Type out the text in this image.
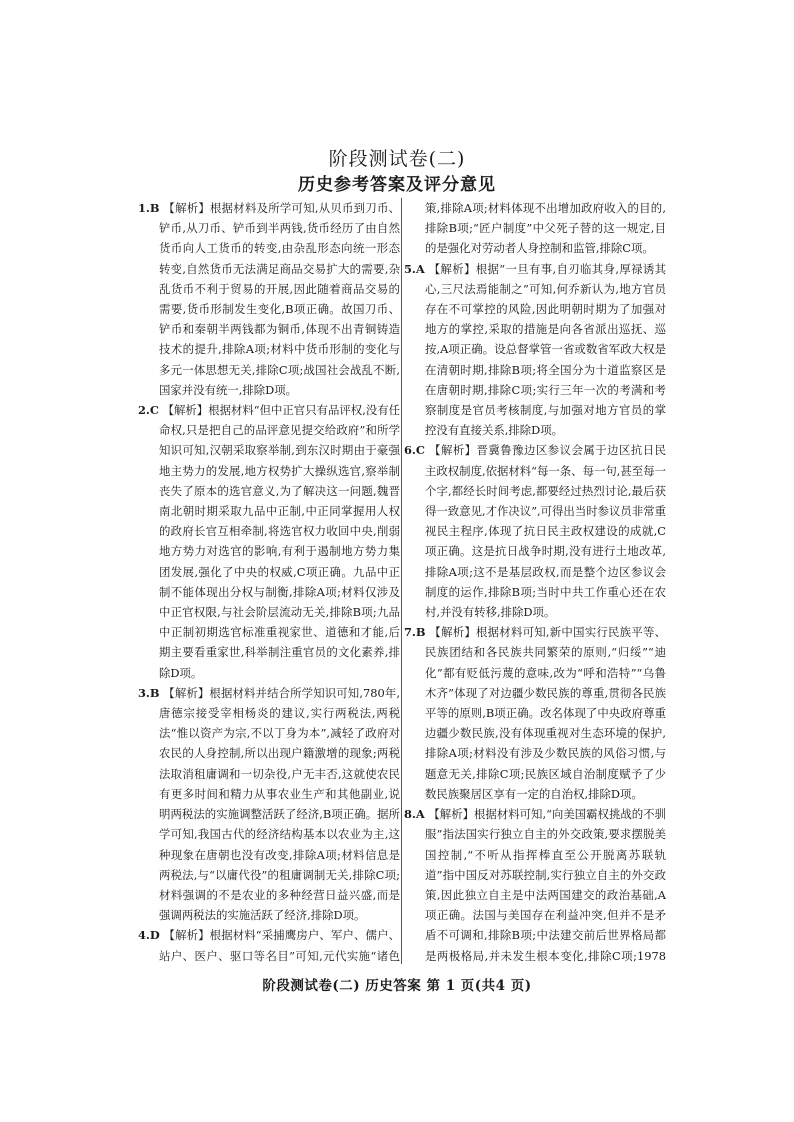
阶段测试卷(二)
历史参考答案及评分意见

1.B 【解析】根据材料及所学可知,从贝币到刀币、铲币,从刀币、铲币到半两钱,货币经历了由自然货币向人工货币的转变,由杂乱形态向统一形态转变,自然货币无法满足商品交易扩大的需要,杂乱货币不利于贸易的开展,因此随着商品交易的需要,货币形制发生变化,B项正确。故国刀币、铲币和秦朝半两钱都为铜币,体现不出青铜铸造技术的提升,排除A项;材料中货币形制的变化与多元一体思想无关,排除C项;战国社会战乱不断,国家并没有统一,排除D项。

2.C 【解析】根据材料“但中正官只有品评权,没有任命权,只是把自己的品评意见提交给政府”和所学知识可知,汉朝采取察举制,到东汉时期由于豪强地主势力的发展,地方权势扩大操纵选官,察举制丧失了原本的选官意义,为了解决这一问题,魏晋南北朝时期采取九品中正制,中正同掌握用人权的政府长官互相牵制,将选官权力收回中央,削弱地方势力对选官的影响,有利于遏制地方势力集团发展,强化了中央的权威,C项正确。九品中正制不能体现出分权与制衡,排除A项;材料仅涉及中正官权限,与社会阶层流动无关,排除B项;九品中正制初期选官标准重视家世、道德和才能,后期主要看重家世,科举制注重官员的文化素养,排除D项。

3.B 【解析】根据材料并结合所学知识可知,780年,唐德宗接受宰相杨炎的建议,实行两税法,两税法“惟以资产为宗,不以丁身为本”,减轻了政府对农民的人身控制,所以出现户籍激增的现象;两税法取消租庸调和一切杂役,户无丰否,这就使农民有更多时间和精力从事农业生产和其他副业,说明两税法的实施调整活跃了经济,B项正确。据所学可知,我国古代的经济结构基本以农业为主,这种现象在唐朝也没有改变,排除A项;材料信息是两税法,与“以庸代役”的租庸调制无关,排除C项;材料强调的不是农业的多种经营日益兴盛,而是强调两税法的实施活跃了经济,排除D项。

4.D 【解析】根据材料“采捕鹰房户、军户、儒户、站户、医户、驱口等名目”可知,元代实施“诸色

策,排除A项;材料体现不出增加政府收入的目的,排除B项;“匠户制度”中父死子替的这一规定,目的是强化对劳动者人身控制和监管,排除C项。

5.A 【解析】根据“一旦有事,自刃临其身,厚禄诱其心,三尺法焉能制之”可知,何乔新认为,地方官员存在不可掌控的风险,因此明朝时期为了加强对地方的掌控,采取的措施是向各省派出巡抚、巡按,A项正确。设总督掌管一省或数省军政大权是在清朝时期,排除B项;将全国分为十道监察区是在唐朝时期,排除C项;实行三年一次的考满和考察制度是官员考核制度,与加强对地方官员的掌控没有直接关系,排除D项。

6.C 【解析】晋冀鲁豫边区参议会属于边区抗日民主政权制度,依据材料“每一条、每一句,甚至每一个字,都经长时间考虑,都要经过热烈讨论,最后获得一致意见,才作决议”,可得出当时参议员非常重视民主程序,体现了抗日民主政权建设的成就,C项正确。这是抗日战争时期,没有进行土地改革,排除A项;这不是基层政权,而是整个边区参议会制度的运作,排除B项;当时中共工作重心还在农村,并没有转移,排除D项。

7.B 【解析】根据材料可知,新中国实行民族平等、民族团结和各民族共同繁荣的原则,“归绥”“迪化”都有贬低污蔑的意味,改为“呼和浩特”“乌鲁木齐”体现了对边疆少数民族的尊重,贯彻各民族平等的原则,B项正确。改名体现了中央政府尊重边疆少数民族,没有体现重视对生态环境的保护,排除A项;材料没有涉及少数民族的风俗习惯,与题意无关,排除C项;民族区域自治制度赋予了少数民族聚居区享有一定的自治权,排除D项。

8.A 【解析】根据材料可知,“向美国霸权挑战的不驯服”指法国实行独立自主的外交政策,要求摆脱美国控制,“不听从指挥棒直至公开脱离苏联轨道”指中国反对苏联控制,实行独立自主的外交政策,因此独立自主是中法两国建交的政治基础,A项正确。法国与美国存在利益冲突,但并不是矛盾不可调和,排除B项;中法建交前后世界格局都是两极格局,并未发生根本变化,排除C项;1978

阶段测试卷(二) 历史答案 第 1 页(共4 页)
